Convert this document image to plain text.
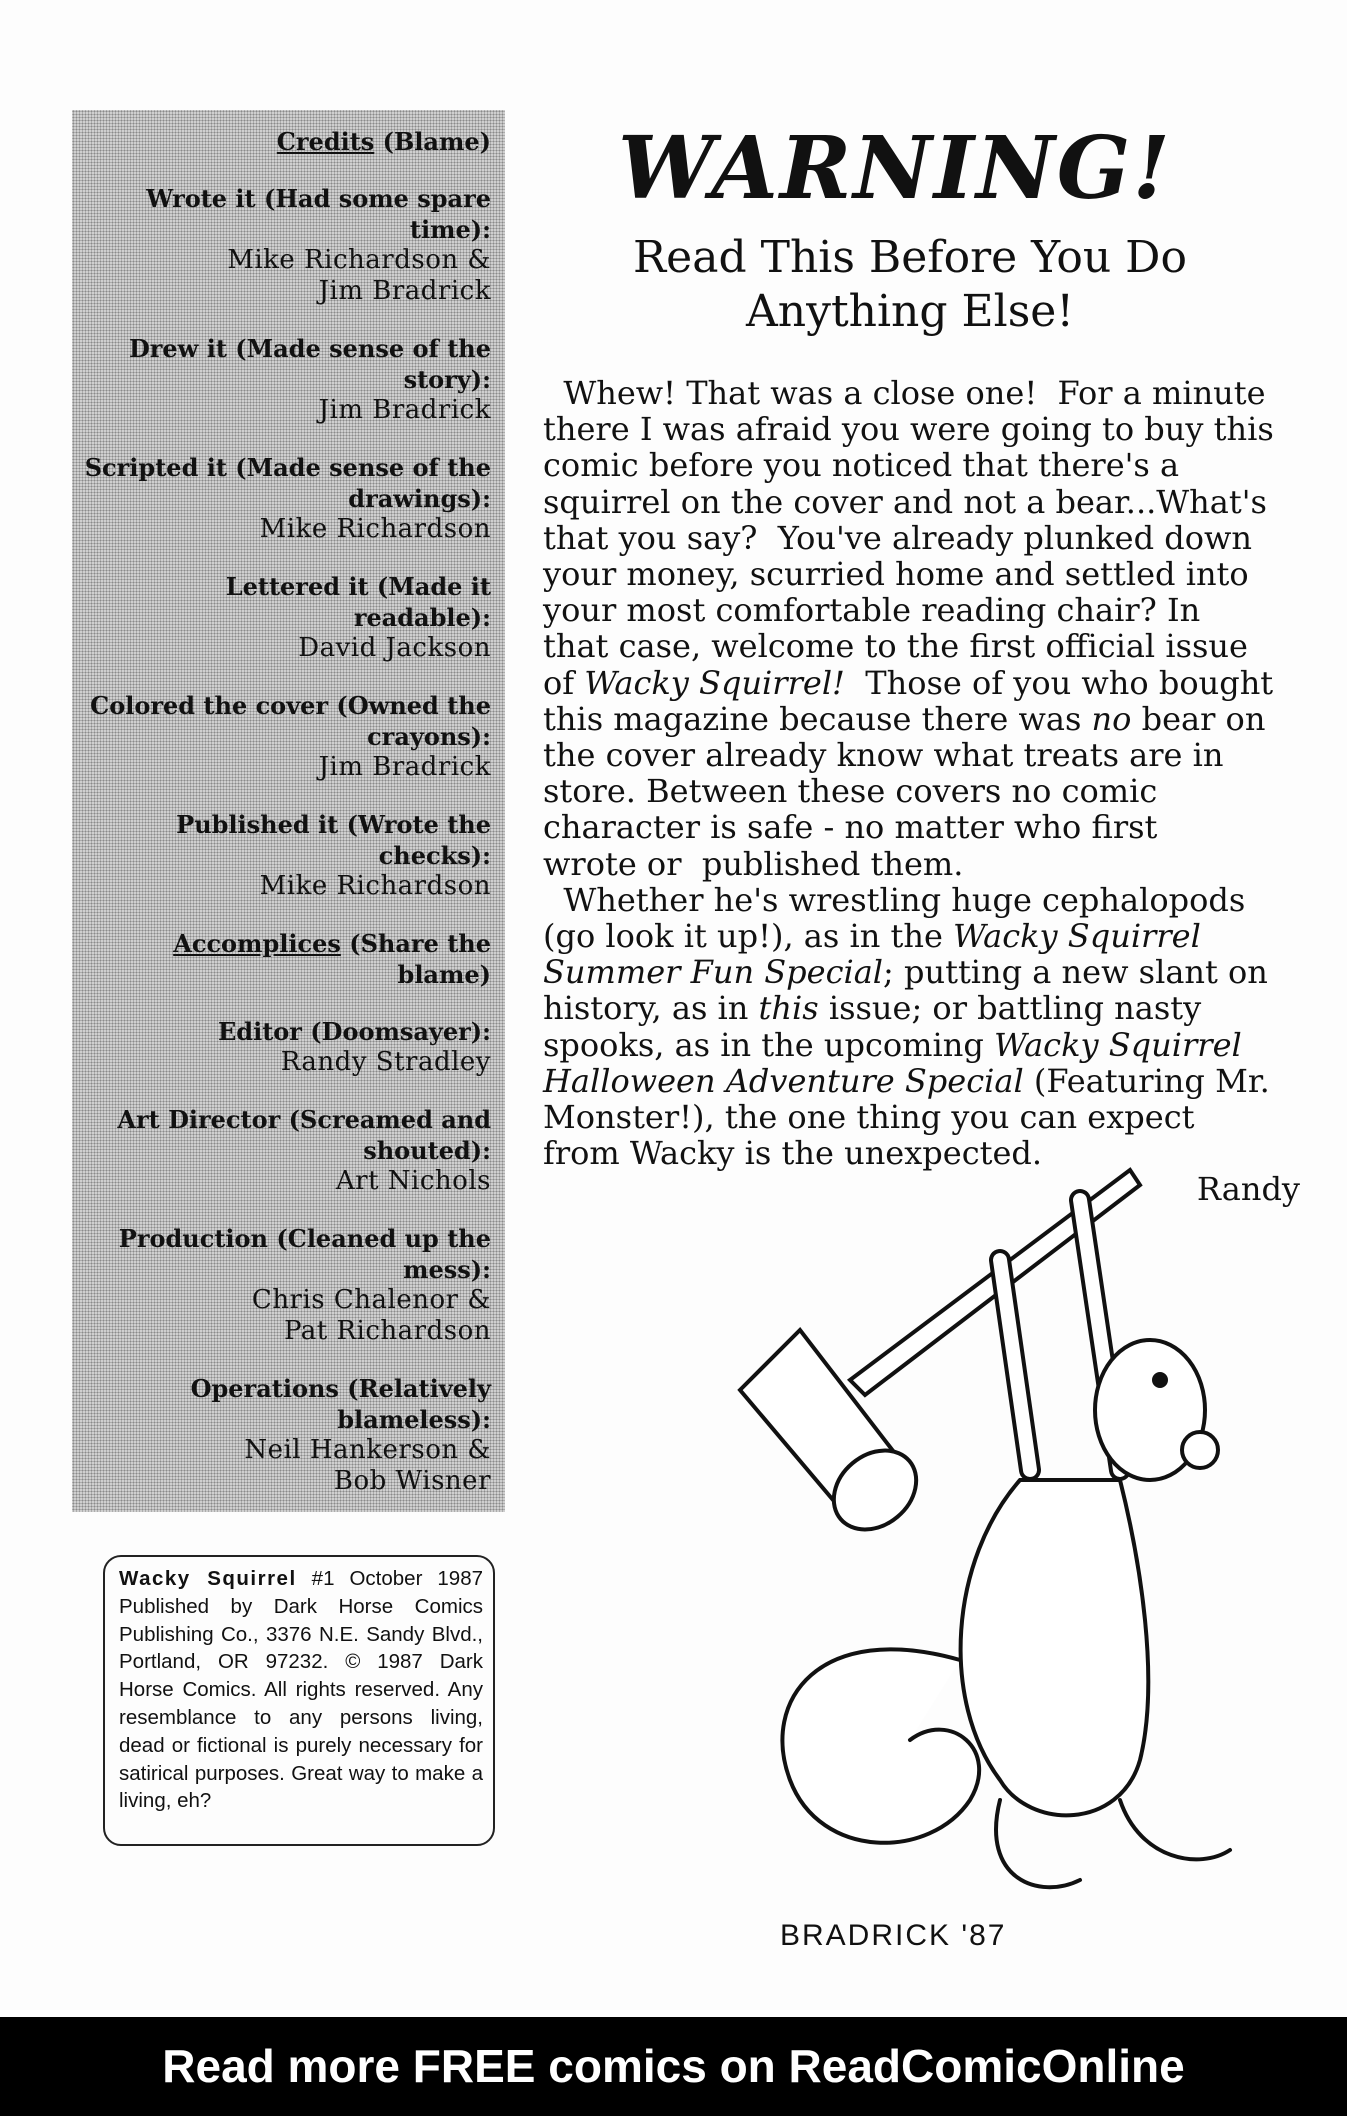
Credits (Blame)
Wrote it (Had some spare
time):
Mike Richardson &
Jim Bradrick
Drew it (Made sense of the
story):
Jim Bradrick
Scripted it (Made sense of the
drawings):
Mike Richardson
Lettered it (Made it readable):
David Jackson
Colored the cover (Owned the
crayons):
Jim Bradrick
Published it (Wrote the
checks):
Mike Richardson
Accomplices (Share the
blame)
Editor (Doomsayer):
Randy Stradley
Art Director (Screamed and
shouted):
Art Nichols
Production (Cleaned up the
mess):
Chris Chalenor &
Pat Richardson
Operations (Relatively
blameless):
Neil Hankerson &
Bob Wisner
Wacky Squirrel #1 October 1987 Published by Dark Horse Comics Publishing Co., 3376 N.E. Sandy Blvd., Portland, OR 97232. © 1987 Dark Horse Comics. All rights reserved. Any resemblance to any persons living, dead or fictional is purely necessary for satirical purposes. Great way to make a living, eh?
WARNING!
Read This Before You Do
Anything Else!
Whew! That was a close one!  For a minute
there I was afraid you were going to buy this
comic before you noticed that there's a
squirrel on the cover and not a bear...What's
that you say?  You've already plunked down
your money, scurried home and settled into
your most comfortable reading chair? In
that case, welcome to the first official issue
of Wacky Squirrel!  Those of you who bought
this magazine because there was no bear on
the cover already know what treats are in
store. Between these covers no comic
character is safe - no matter who first
wrote or  published them.
Whether he's wrestling huge cephalopods
(go look it up!), as in the Wacky Squirrel
Summer Fun Special; putting a new slant on
history, as in this issue; or battling nasty
spooks, as in the upcoming Wacky Squirrel
Halloween Adventure Special (Featuring Mr.
Monster!), the one thing you can expect
from Wacky is the unexpected.
Randy
BRADRICK '87
Read more FREE comics on ReadComicOnline
